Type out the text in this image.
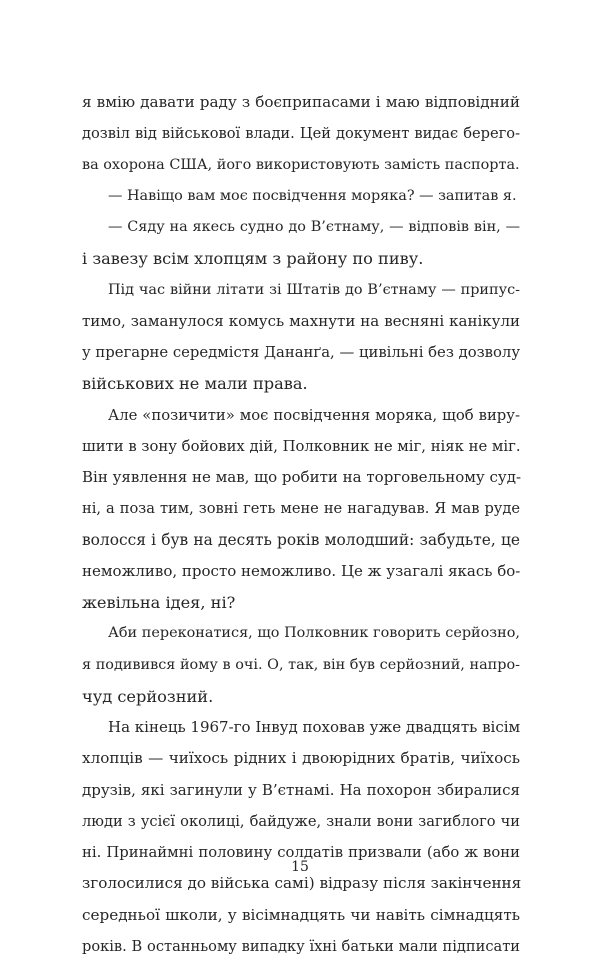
я вмію давати раду з боєприпасами і маю відповідний
дозвіл від військової влади. Цей документ видає берего-
ва охорона США, його використовують замість паспорта.
— Навіщо вам моє посвідчення моряка? — запитав я.
— Сяду на якесь судно до В’єтнаму, — відповів він, —
і завезу всім хлопцям з району по пиву.
Під час війни літати зі Штатів до В’єтнаму — припус-
тимо, заманулося комусь махнути на весняні канікули
у прегарне середмістя Дананґа, — цивільні без дозволу
військових не мали права.
Але «позичити» моє посвідчення моряка, щоб виру-
шити в зону бойових дій, Полковник не міг, ніяк не міг.
Він уявлення не мав, що робити на торговельному суд-
ні, а поза тим, зовні геть мене не нагадував. Я мав руде
волосся і був на десять років молодший: забудьте, це
неможливо, просто неможливо. Це ж узагалі якась бо-
жевільна ідея, ні?
Аби переконатися, що Полковник говорить серйозно,
я подивився йому в очі. О, так, він був серйозний, напро-
чуд серйозний.
На кінець 1967-го Інвуд поховав уже двадцять вісім
хлопців — чиїхось рідних і двоюрідних братів, чиїхось
друзів, які загинули у В’єтнамі. На похорон збиралися
люди з усієї околиці, байдуже, знали вони загиблого чи
ні. Принаймні половину солдатів призвали (або ж вони
зголосилися до війська самі) відразу після закінчення
середньої школи, у вісімнадцять чи навіть сімнадцять
років. В останньому випадку їхні батьки мали підписати
15
